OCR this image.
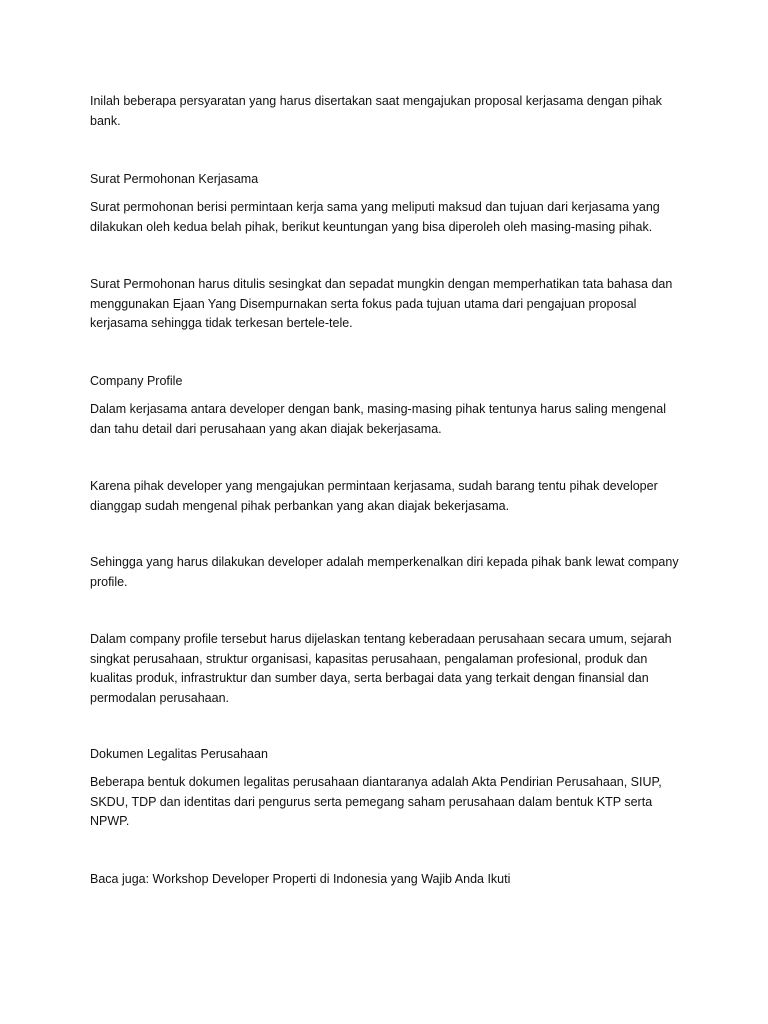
Inilah beberapa persyaratan yang harus disertakan saat mengajukan proposal kerjasama dengan pihak bank.

Surat Permohonan Kerjasama

Surat permohonan berisi permintaan kerja sama yang meliputi maksud dan tujuan dari kerjasama yang dilakukan oleh kedua belah pihak, berikut keuntungan yang bisa diperoleh oleh masing-masing pihak.

Surat Permohonan harus ditulis sesingkat dan sepadat mungkin dengan memperhatikan tata bahasa dan menggunakan Ejaan Yang Disempurnakan serta fokus pada tujuan utama dari pengajuan proposal kerjasama sehingga tidak terkesan bertele-tele.

Company Profile

Dalam kerjasama antara developer dengan bank, masing-masing pihak tentunya harus saling mengenal dan tahu detail dari perusahaan yang akan diajak bekerjasama.

Karena pihak developer yang mengajukan permintaan kerjasama, sudah barang tentu pihak developer dianggap sudah mengenal pihak perbankan yang akan diajak bekerjasama.

Sehingga yang harus dilakukan developer adalah memperkenalkan diri kepada pihak bank lewat company profile.

Dalam company profile tersebut harus dijelaskan tentang keberadaan perusahaan secara umum, sejarah singkat perusahaan, struktur organisasi, kapasitas perusahaan, pengalaman profesional, produk dan kualitas produk, infrastruktur dan sumber daya, serta berbagai data yang terkait dengan finansial dan permodalan perusahaan.

Dokumen Legalitas Perusahaan

Beberapa bentuk dokumen legalitas perusahaan diantaranya adalah Akta Pendirian Perusahaan, SIUP, SKDU, TDP dan identitas dari pengurus serta pemegang saham perusahaan dalam bentuk KTP serta NPWP.

Baca juga: Workshop Developer Properti di Indonesia yang Wajib Anda Ikuti
